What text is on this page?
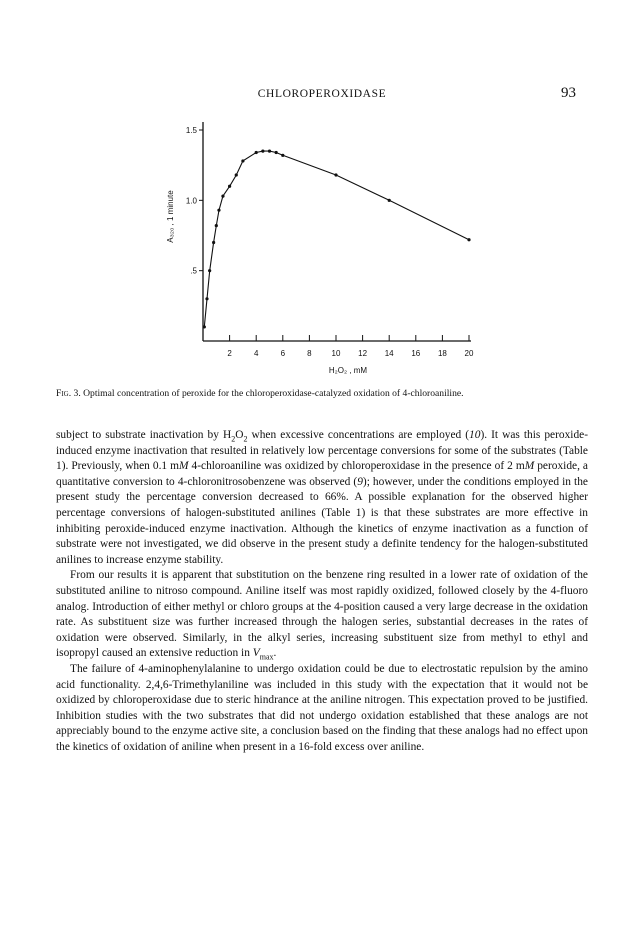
CHLOROPEROXIDASE	93
2	4	6	8 10 12 14 16 18 20
1.5
1.0
.5
H₂O₂ , mM
A₃₂₀ , 1 minute
Fig. 3. Optimal concentration of peroxide for the chloroperoxidase-catalyzed oxidation of 4-chloroaniline.

subject to substrate inactivation by $H_2O_2$ when excessive concentrations are employed (10). It was this peroxide-induced enzyme inactivation that resulted in relatively low percentage conversions for some of the substrates (Table 1). Previously, when 0.1 mM 4-chloroaniline was oxidized by chloroperoxidase in the presence of 2 mM peroxide, a quantitative conversion to 4-chloronitrosobenzene was observed (9); however, under the conditions employed in the present study the percentage conversion decreased to 66%. A possible explanation for the observed higher percentage conversions of halogen-substituted anilines (Table 1) is that these substrates are more effective in inhibiting peroxide-induced enzyme inactivation. Although the kinetics of enzyme inactivation as a function of substrate were not investigated, we did observe in the present study a definite tendency for the halogen-substituted anilines to increase enzyme stability.

From our results it is apparent that substitution on the benzene ring resulted in a lower rate of oxidation of the substituted aniline to nitroso compound. Aniline itself was most rapidly oxidized, followed closely by the 4-fluoro analog. Introduction of either methyl or chloro groups at the 4-position caused a very large decrease in the oxidation rate. As substituent size was further increased through the halogen series, substantial decreases in the rates of oxidation were observed. Similarly, in the alkyl series, increasing substituent size from methyl to ethyl and isopropyl caused an extensive reduction in $V_{max}$.

The failure of 4-aminophenylalanine to undergo oxidation could be due to electrostatic repulsion by the amino acid functionality. 2,4,6-Trimethylaniline was included in this study with the expectation that it would not be oxidized by chloroperoxidase due to steric hindrance at the aniline nitrogen. This expectation proved to be justified. Inhibition studies with the two substrates that did not undergo oxidation established that these analogs are not appreciably bound to the enzyme active site, a conclusion based on the finding that these analogs had no effect upon the kinetics of oxidation of aniline when present in a 16-fold excess over aniline.
